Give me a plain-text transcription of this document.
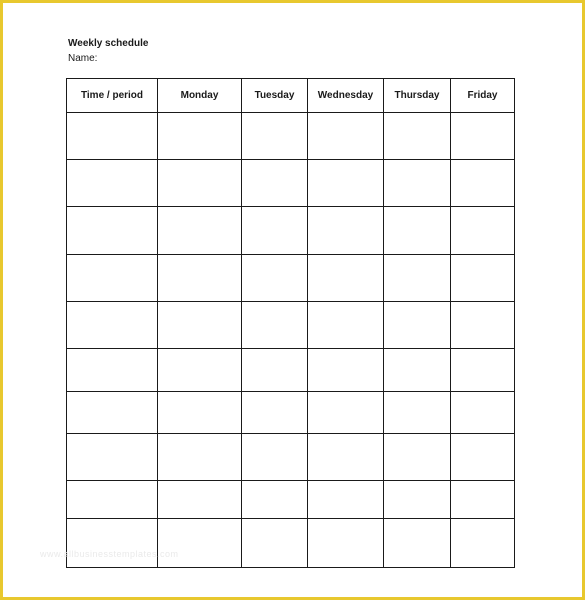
Weekly schedule
Name:
Time / period	Monday	Tuesday	Wednesday	Thursday	Friday

www.allbusinesstemplates.com
